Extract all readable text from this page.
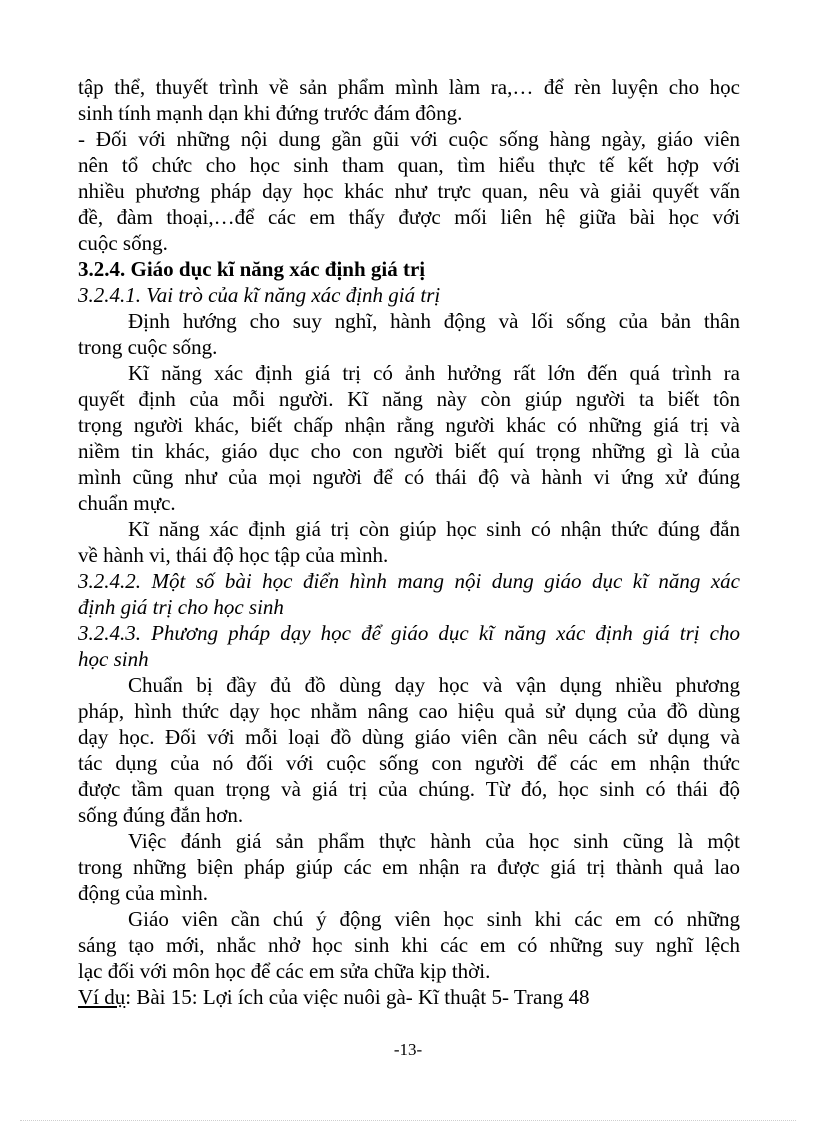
tập thể, thuyết trình về sản phẩm mình làm ra,… để rèn luyện cho học
sinh tính mạnh dạn khi đứng trước đám đông.
- Đối với những nội dung gần gũi với cuộc sống hàng ngày, giáo viên
nên tổ chức cho học sinh tham quan, tìm hiểu thực tế kết hợp với
nhiều phương pháp dạy học khác như trực quan, nêu và giải quyết vấn
đề, đàm thoại,…để các em thấy được mối liên hệ giữa bài học với
cuộc sống.
3.2.4. Giáo dục kĩ năng xác định giá trị
3.2.4.1. Vai trò của kĩ năng xác định giá trị
Định hướng cho suy nghĩ, hành động và lối sống của bản thân
trong cuộc sống.
Kĩ năng xác định giá trị có ảnh hưởng rất lớn đến quá trình ra
quyết định của mỗi người. Kĩ năng này còn giúp người ta biết tôn
trọng người khác, biết chấp nhận rằng người khác có những giá trị và
niềm tin khác, giáo dục cho con người biết quí trọng những gì là của
mình cũng như của mọi người để có thái độ và hành vi ứng xử đúng
chuẩn mực.
Kĩ năng xác định giá trị còn giúp học sinh có nhận thức đúng đắn
về hành vi, thái độ học tập của mình.
3.2.4.2. Một số bài học điển hình mang nội dung giáo dục kĩ năng xác
định giá trị cho học sinh
3.2.4.3. Phương pháp dạy học để giáo dục kĩ năng xác định giá trị cho
học sinh
Chuẩn bị đầy đủ đồ dùng dạy học và vận dụng nhiều phương
pháp, hình thức dạy học nhằm nâng cao hiệu quả sử dụng của đồ dùng
dạy học. Đối với mỗi loại đồ dùng giáo viên cần nêu cách sử dụng và
tác dụng của nó đối với cuộc sống con người để các em nhận thức
được tầm quan trọng và giá trị của chúng. Từ đó, học sinh có thái độ
sống đúng đắn hơn.
Việc đánh giá sản phẩm thực hành của học sinh cũng là một
trong những biện pháp giúp các em nhận ra được giá trị thành quả lao
động của mình.
Giáo viên cần chú ý động viên học sinh khi các em có những
sáng tạo mới, nhắc nhở học sinh khi các em có những suy nghĩ lệch
lạc đối với môn học để các em sửa chữa kịp thời.
Ví dụ: Bài 15: Lợi ích của việc nuôi gà- Kĩ thuật 5- Trang 48
-13-
